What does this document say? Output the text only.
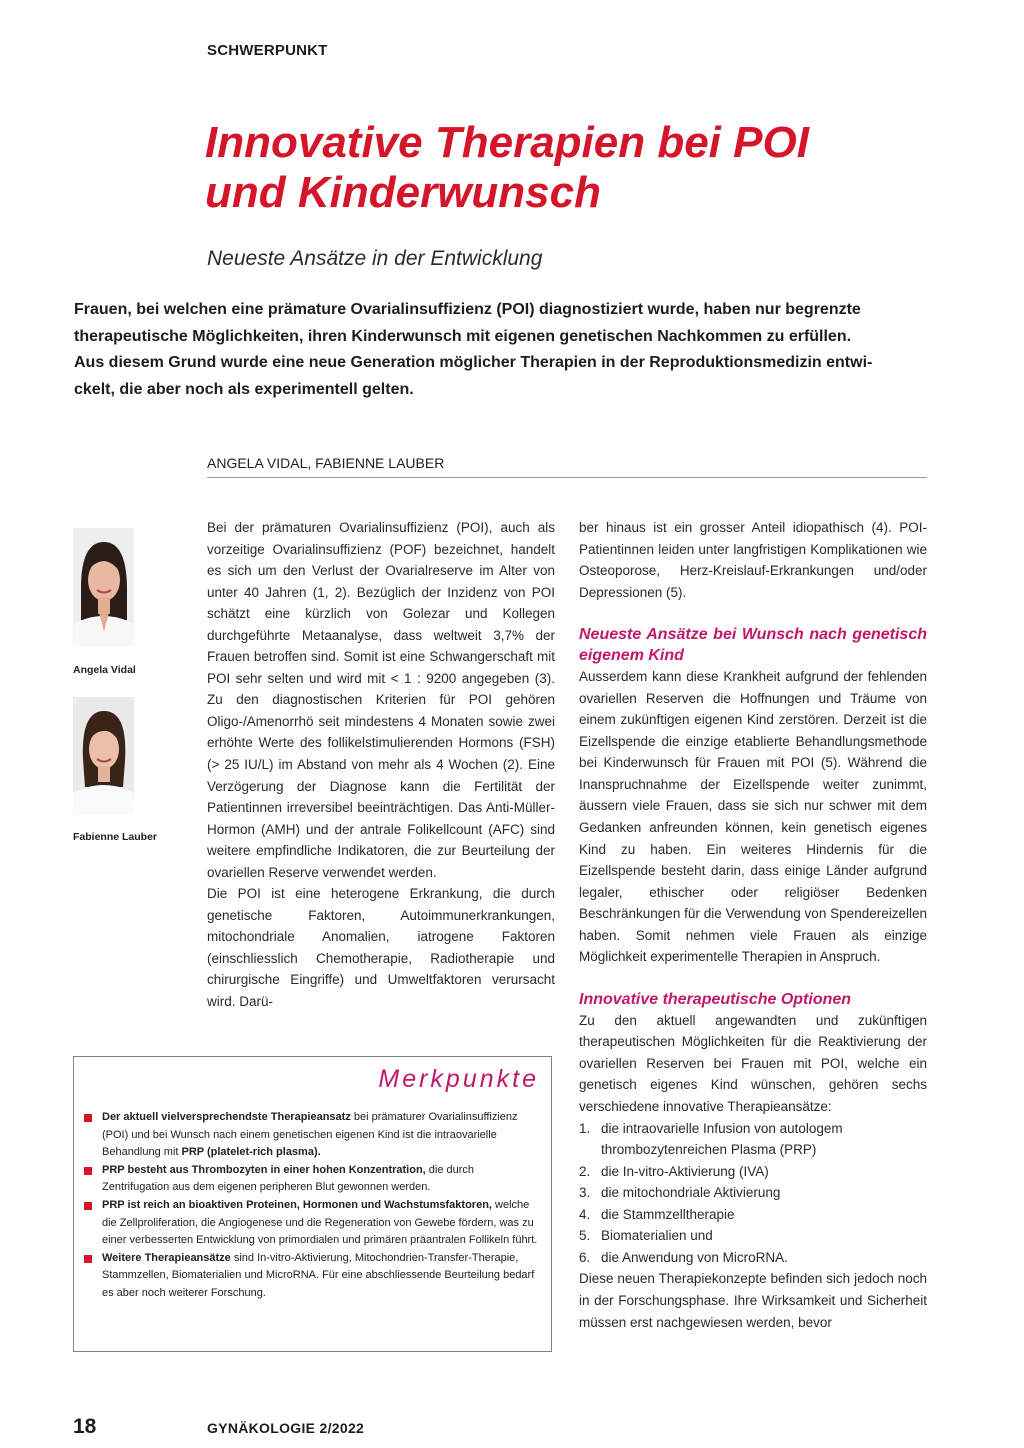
SCHWERPUNKT
Innovative Therapien bei POI
und Kinderwunsch
Neueste Ansätze in der Entwicklung
Frauen, bei welchen eine prämature Ovarialinsuffizienz (POI) diagnostiziert wurde, haben nur begrenzte
therapeutische Möglichkeiten, ihren Kinderwunsch mit eigenen genetischen Nachkommen zu erfüllen.
Aus diesem Grund wurde eine neue Generation möglicher Therapien in der Reproduktionsmedizin entwi-
ckelt, die aber noch als experimentell gelten.
ANGELA VIDAL, FABIENNE LAUBER
Angela Vidal
Fabienne Lauber

Bei der prämaturen Ovarialinsuffizienz (POI), auch als vorzeitige Ovarialinsuffizienz (POF) bezeichnet, handelt es sich um den Verlust der Ovarialreserve im Alter von unter 40 Jahren (1, 2). Bezüglich der Inzidenz von POI schätzt eine kürzlich von Golezar und Kollegen durchgeführte Metaanalyse, dass weltweit 3,7% der Frauen betroffen sind. Somit ist eine Schwangerschaft mit POI sehr selten und wird mit < 1 : 9200 angegeben (3). Zu den diagnostischen Kriterien für POI gehören Oligo-/Amenorrhö seit mindestens 4 Monaten sowie zwei erhöhte Werte des follikelstimulierenden Hormons (FSH) (> 25 IU/L) im Abstand von mehr als 4 Wochen (2). Eine Verzögerung der Diagnose kann die Fertilität der Patientinnen irreversibel beeinträchtigen. Das Anti-Müller-Hormon (AMH) und der antrale Folikellcount (AFC) sind weitere empfindliche Indikatoren, die zur Beurteilung der ovariellen Reserve verwendet werden.

Die POI ist eine heterogene Erkrankung, die durch genetische Faktoren, Autoimmunerkrankungen, mitochondriale Anomalien, iatrogene Faktoren (einschliesslich Chemotherapie, Radiotherapie und chirurgische Eingriffe) und Umweltfaktoren verursacht wird. Darü-

Merkpunkte

Der aktuell vielversprechendste Therapieansatz bei prämaturer Ovarialinsuffizienz (POI) und bei Wunsch nach einem genetischen eigenen Kind ist die intraovarielle Behandlung mit PRP (platelet-rich plasma).

PRP besteht aus Thrombozyten in einer hohen Konzentration, die durch Zentrifugation aus dem eigenen peripheren Blut gewonnen werden.

PRP ist reich an bioaktiven Proteinen, Hormonen und Wachstumsfaktoren, welche die Zellproliferation, die Angiogenese und die Regeneration von Gewebe fördern, was zu einer verbesserten Entwicklung von primordialen und primären präantralen Follikeln führt.

Weitere Therapieansätze sind In-vitro-Aktivierung, Mitochondrien-Transfer-Therapie, Stammzellen, Biomaterialien und MicroRNA. Für eine abschliessende Beurteilung bedarf es aber noch weiterer Forschung.

ber hinaus ist ein grosser Anteil idiopathisch (4). POI-Patientinnen leiden unter langfristigen Komplikationen wie Osteoporose, Herz-Kreislauf-Erkrankungen und/oder Depressionen (5).

Neueste Ansätze bei Wunsch nach genetisch eigenem Kind

Ausserdem kann diese Krankheit aufgrund der fehlenden ovariellen Reserven die Hoffnungen und Träume von einem zukünftigen eigenen Kind zerstören. Derzeit ist die Eizellspende die einzige etablierte Behandlungsmethode bei Kinderwunsch für Frauen mit POI (5). Während die Inanspruchnahme der Eizellspende weiter zunimmt, äussern viele Frauen, dass sie sich nur schwer mit dem Gedanken anfreunden können, kein genetisch eigenes Kind zu haben. Ein weiteres Hindernis für die Eizellspende besteht darin, dass einige Länder aufgrund legaler, ethischer oder religiöser Bedenken Beschränkungen für die Verwendung von Spendereizellen haben. Somit nehmen viele Frauen als einzige Möglichkeit experimentelle Therapien in Anspruch.

Innovative therapeutische Optionen

Zu den aktuell angewandten und zukünftigen therapeutischen Möglichkeiten für die Reaktivierung der ovariellen Reserven bei Frauen mit POI, welche ein genetisch eigenes Kind wünschen, gehören sechs verschiedene innovative Therapieansätze:

1. die intraovarielle Infusion von autologem thrombozytenreichen Plasma (PRP)
2. die In-vitro-Aktivierung (IVA)
3. die mitochondriale Aktivierung
4. die Stammzelltherapie
5. Biomaterialien und
6. die Anwendung von MicroRNA.

Diese neuen Therapiekonzepte befinden sich jedoch noch in der Forschungsphase. Ihre Wirksamkeit und Sicherheit müssen erst nachgewiesen werden, bevor

18	GYNÄKOLOGIE 2/2022
